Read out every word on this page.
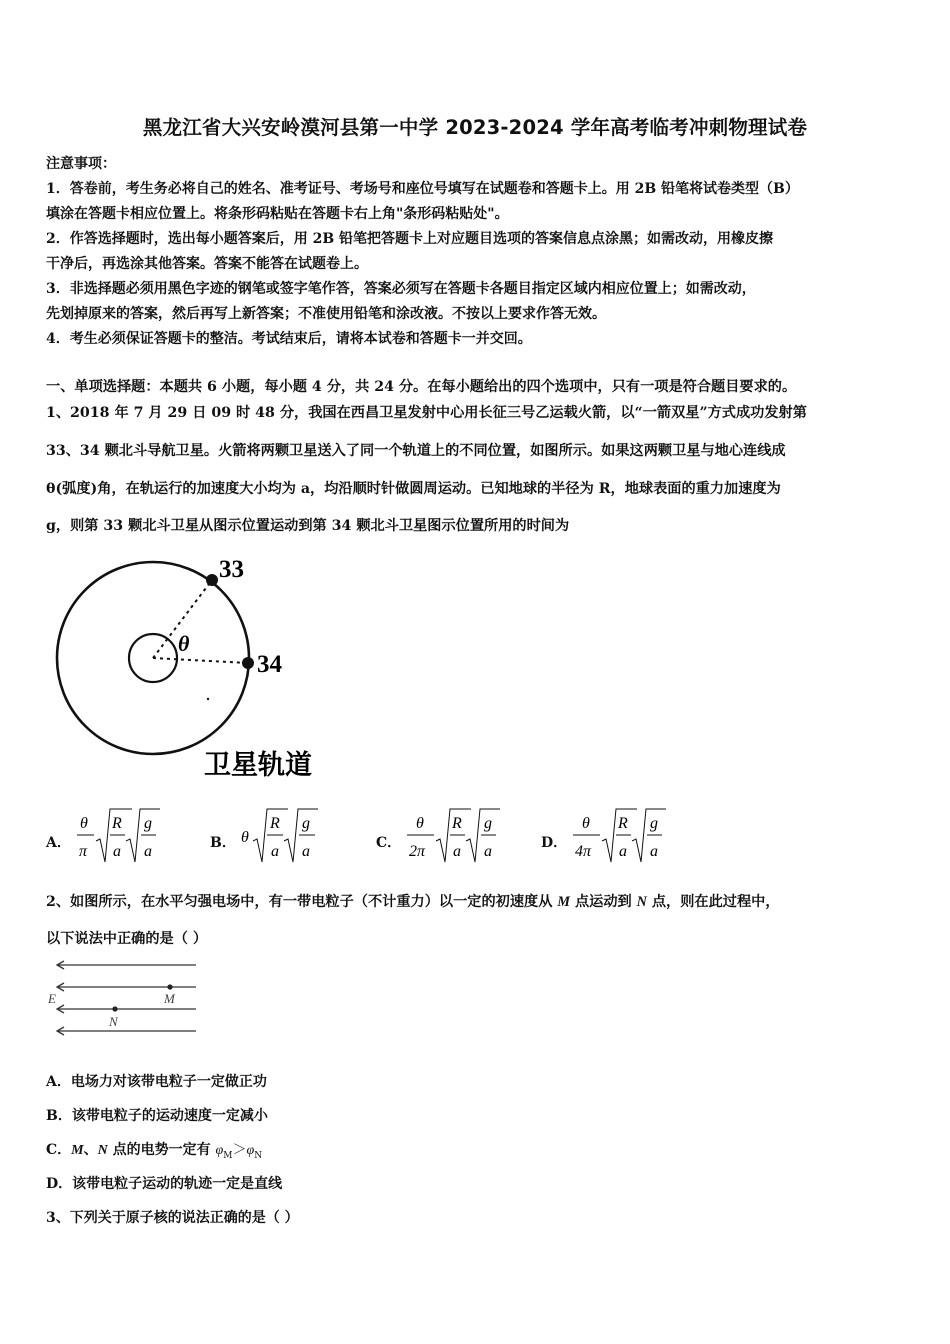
黑龙江省大兴安岭漠河县第一中学 2023-2024 学年高考临考冲刺物理试卷
注意事项：
1．答卷前，考生务必将自己的姓名、准考证号、考场号和座位号填写在试题卷和答题卡上。用 2B 铅笔将试卷类型（B）
填涂在答题卡相应位置上。将条形码粘贴在答题卡右上角"条形码粘贴处"。
2．作答选择题时，选出每小题答案后，用 2B 铅笔把答题卡上对应题目选项的答案信息点涂黑；如需改动，用橡皮擦
干净后，再选涂其他答案。答案不能答在试题卷上。
3．非选择题必须用黑色字迹的钢笔或签字笔作答，答案必须写在答题卡各题目指定区域内相应位置上；如需改动，
先划掉原来的答案，然后再写上新答案；不准使用铅笔和涂改液。不按以上要求作答无效。
4．考生必须保证答题卡的整洁。考试结束后，请将本试卷和答题卡一并交回。
一、单项选择题：本题共 6 小题，每小题 4 分，共 24 分。在每小题给出的四个选项中，只有一项是符合题目要求的。
1、2018 年 7 月 29 日 09 时 48 分，我国在西昌卫星发射中心用长征三号乙运载火箭，以“一箭双星”方式成功发射第
33、34 颗北斗导航卫星。火箭将两颗卫星送入了同一个轨道上的不同位置，如图所示。如果这两颗卫星与地心连线成
θ(弧度)角，在轨运行的加速度大小均为 a，均沿顺时针做圆周运动。已知地球的半径为 R，地球表面的重力加速度为
g，则第 33 颗北斗卫星从图示位置运动到第 34 颗北斗卫星图示位置所用的时间为
33
34
θ
卫星轨道
A．
θ
π
R
a
g
a	B． θ
R
a
g
a	C．
θ
2π
R
a
g
a	D．
θ
4π
R
a
g
a
2、如图所示，在水平匀强电场中，有一带电粒子（不计重力）以一定的初速度从 M 点运动到 N 点，则在此过程中，
以下说法中正确的是（ ）
E	M
N
A．电场力对该带电粒子一定做正功
B．该带电粒子的运动速度一定减小
C．M、N 点的电势一定有 $\varphi_M>\varphi_N$
D．该带电粒子运动的轨迹一定是直线
3、下列关于原子核的说法正确的是（ ）
